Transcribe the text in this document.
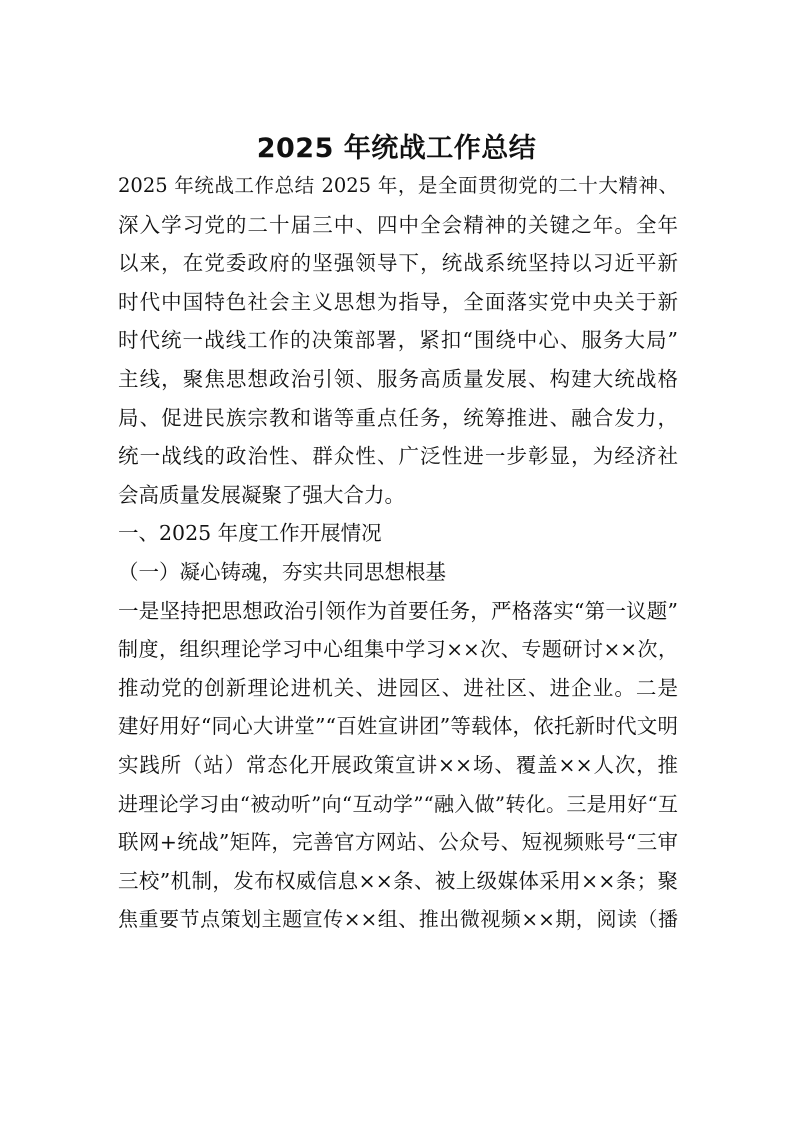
2025 年统战工作总结
2025 年统战工作总结 2025 年，是全面贯彻党的二十大精神、
深入学习党的二十届三中、四中全会精神的关键之年。全年
以来，在党委政府的坚强领导下，统战系统坚持以习近平新
时代中国特色社会主义思想为指导，全面落实党中央关于新
时代统一战线工作的决策部署，紧扣“围绕中心、服务大局”
主线，聚焦思想政治引领、服务高质量发展、构建大统战格
局、促进民族宗教和谐等重点任务，统筹推进、融合发力，
统一战线的政治性、群众性、广泛性进一步彰显，为经济社
会高质量发展凝聚了强大合力。
一、2025 年度工作开展情况
（一）凝心铸魂，夯实共同思想根基
一是坚持把思想政治引领作为首要任务，严格落实“第一议题”
制度，组织理论学习中心组集中学习××次、专题研讨××次，
推动党的创新理论进机关、进园区、进社区、进企业。二是
建好用好“同心大讲堂”“百姓宣讲团”等载体，依托新时代文明
实践所（站）常态化开展政策宣讲××场、覆盖××人次，推
进理论学习由“被动听”向“互动学”“融入做”转化。三是用好“互
联网+统战”矩阵，完善官方网站、公众号、短视频账号“三审
三校”机制，发布权威信息××条、被上级媒体采用××条；聚
焦重要节点策划主题宣传××组、推出微视频××期，阅读（播
